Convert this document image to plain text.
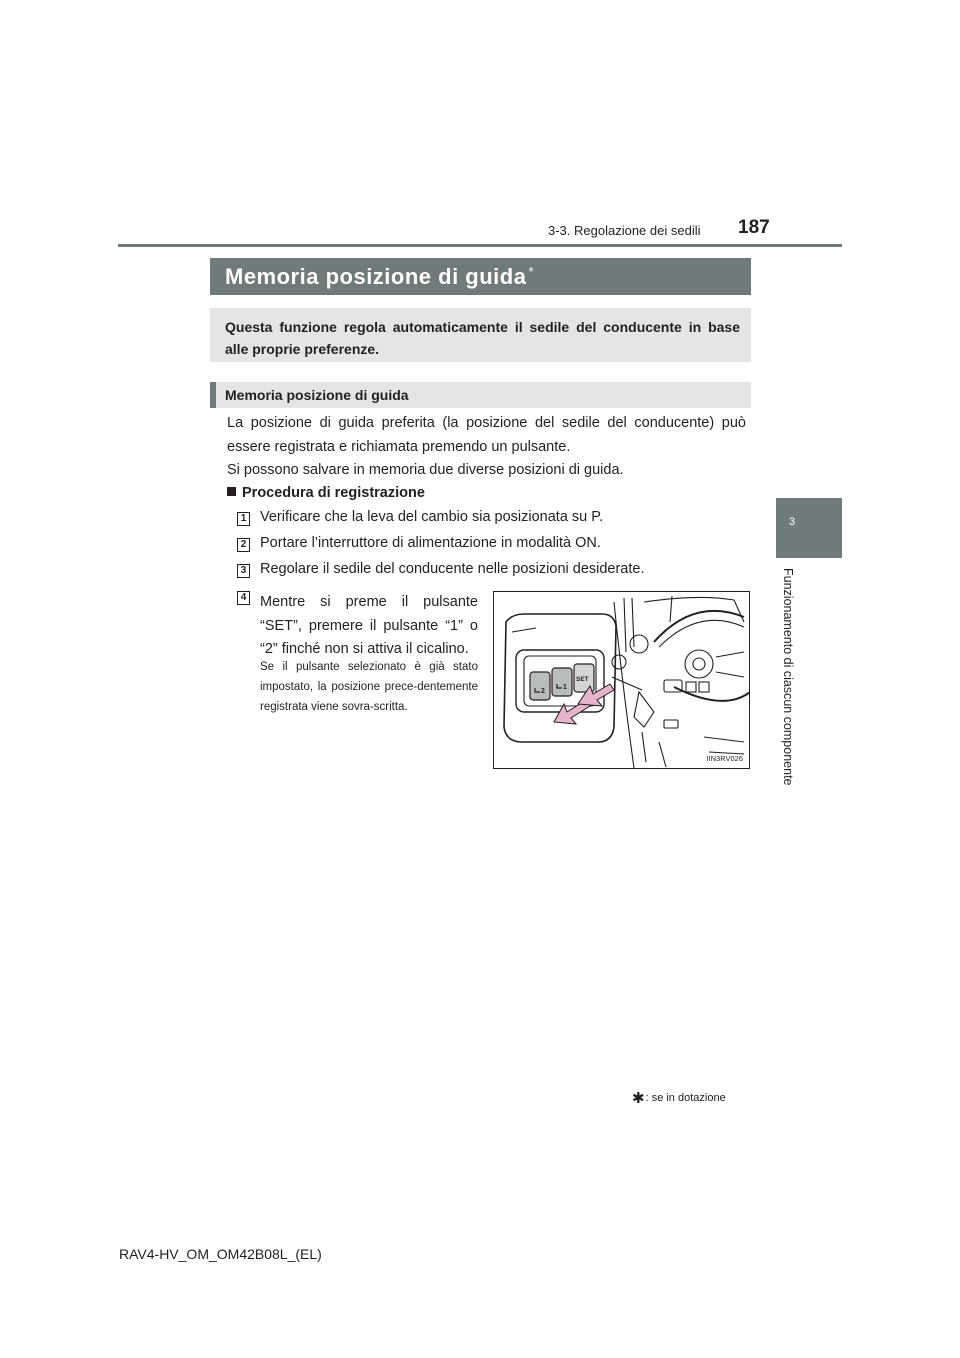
3-3. Regolazione dei sedili 187
3
Funzionamento di ciascun componente
Memoria posizione di guida *
Questa funzione regola automaticamente il sedile del conducente in base alle proprie preferenze.
Memoria posizione di guida
La posizione di guida preferita (la posizione del sedile del conducente) può essere registrata e richiamata premendo un pulsante.
Si possono salvare in memoria due diverse posizioni di guida.
Procedura di registrazione
1 Verificare che la leva del cambio sia posizionata su P.
2 Portare l’interruttore di alimentazione in modalità ON.
3 Regolare il sedile del conducente nelle posizioni desiderate.
4 Mentre si preme il pulsante “SET”, premere il pulsante “1” o “2” finché non si attiva il cicalino.
Se il pulsante selezionato è già stato impostato, la posizione prece-dentemente registrata viene sovra-scritta.
2
1
SET
IIN3RV026
✱: se in dotazione
RAV4-HV_OM_OM42B08L_(EL)
